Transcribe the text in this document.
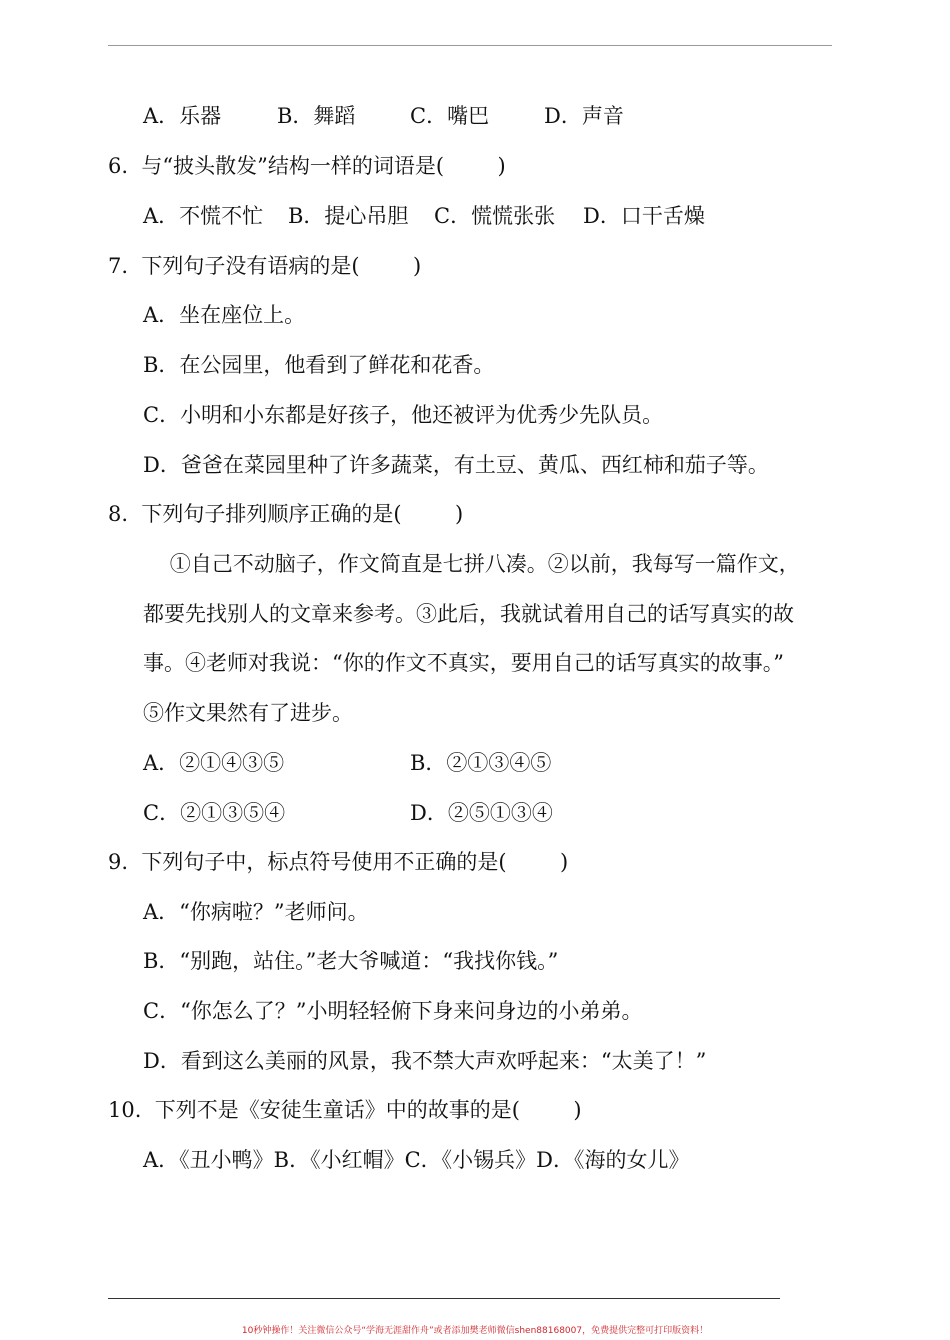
A．乐器	B．舞蹈	C．嘴巴	D．声音
6.  与“披头散发”结构一样的词语是(        )
A．不慌不忙 B．提心吊胆 C．慌慌张张 D．口干舌燥
7.  下列句子没有语病的是(        )
A．坐在座位上。
B．在公园里，他看到了鲜花和花香。
C．小明和小东都是好孩子，他还被评为优秀少先队员。
D．爸爸在菜园里种了许多蔬菜，有土豆、黄瓜、西红柿和茄子等。
8.  下列句子排列顺序正确的是(        )
①自己不动脑子，作文简直是七拼八凑。②以前，我每写一篇作文，
都要先找别人的文章来参考。③此后，我就试着用自己的话写真实的故
事。④老师对我说：“你的作文不真实，要用自己的话写真实的故事。”
⑤作文果然有了进步。
A．②①④③⑤	B．②①③④⑤
C．②①③⑤④	D．②⑤①③④
9.  下列句子中，标点符号使用不正确的是(        )
A．“你病啦？”老师问。
B．“别跑，站住。”老大爷喊道：“我找你钱。”
C．“你怎么了？”小明轻轻俯下身来问身边的小弟弟。
D．看到这么美丽的风景，我不禁大声欢呼起来：“太美了！”
10.  下列不是《安徒生童话》中的故事的是(        )
A．《丑小鸭》B．《小红帽》C．《小锡兵》D．《海的女儿》
10秒钟操作！关注微信公众号“学海无涯甜作舟”或者添加樊老师微信shen88168007，免费提供完整可打印版资料！
